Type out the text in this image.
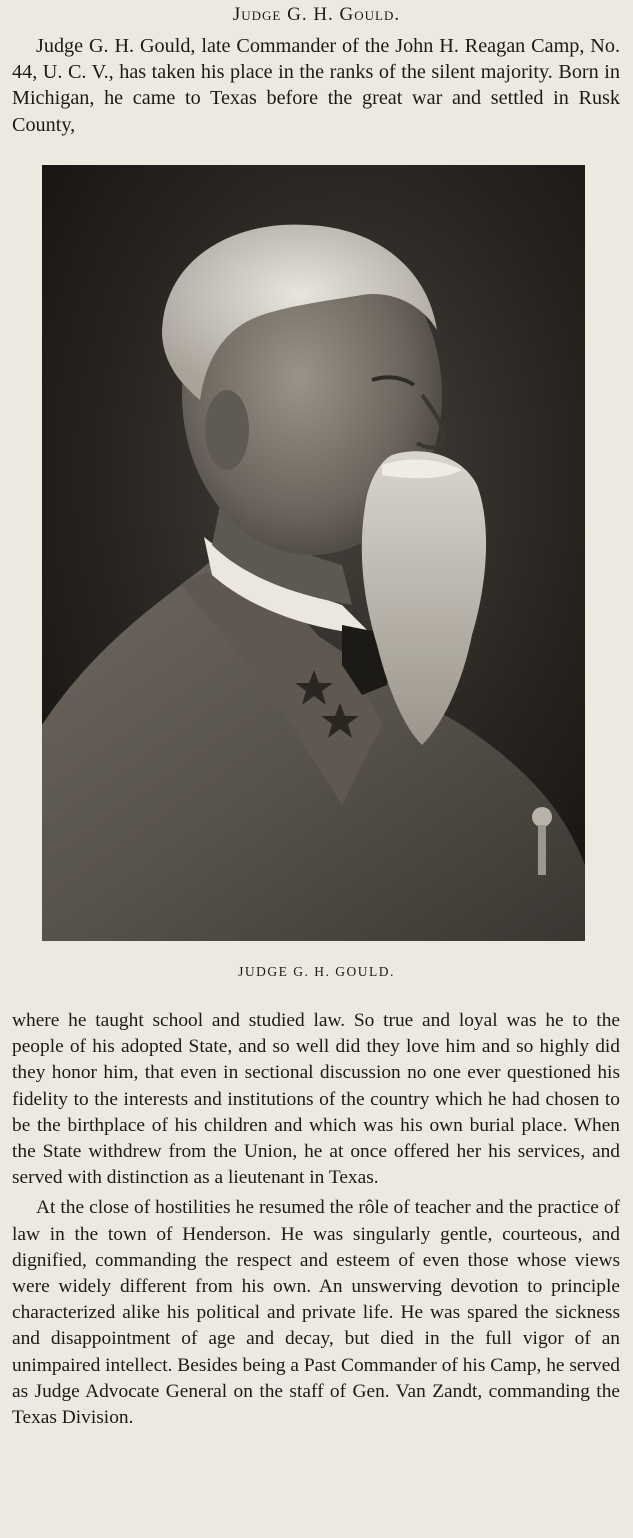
Judge G. H. Gould.

Judge G. H. Gould, late Commander of the John H. Reagan Camp, No. 44, U. C. V., has taken his place in the ranks of the silent majority. Born in Michigan, he came to Texas before the great war and settled in Rusk County,

JUDGE G. H. GOULD.

where he taught school and studied law. So true and loyal was he to the people of his adopted State, and so well did they love him and so highly did they honor him, that even in sectional discussion no one ever questioned his fidelity to the interests and institutions of the country which he had chosen to be the birthplace of his children and which was his own burial place. When the State withdrew from the Union, he at once offered her his services, and served with distinction as a lieutenant in Texas.

At the close of hostilities he resumed the rôle of teacher and the practice of law in the town of Henderson. He was singularly gentle, courteous, and dignified, commanding the respect and esteem of even those whose views were widely different from his own. An unswerving devotion to principle characterized alike his political and private life. He was spared the sickness and disappointment of age and decay, but died in the full vigor of an unimpaired intellect. Besides being a Past Commander of his Camp, he served as Judge Advocate General on the staff of Gen. Van Zandt, commanding the Texas Division.
